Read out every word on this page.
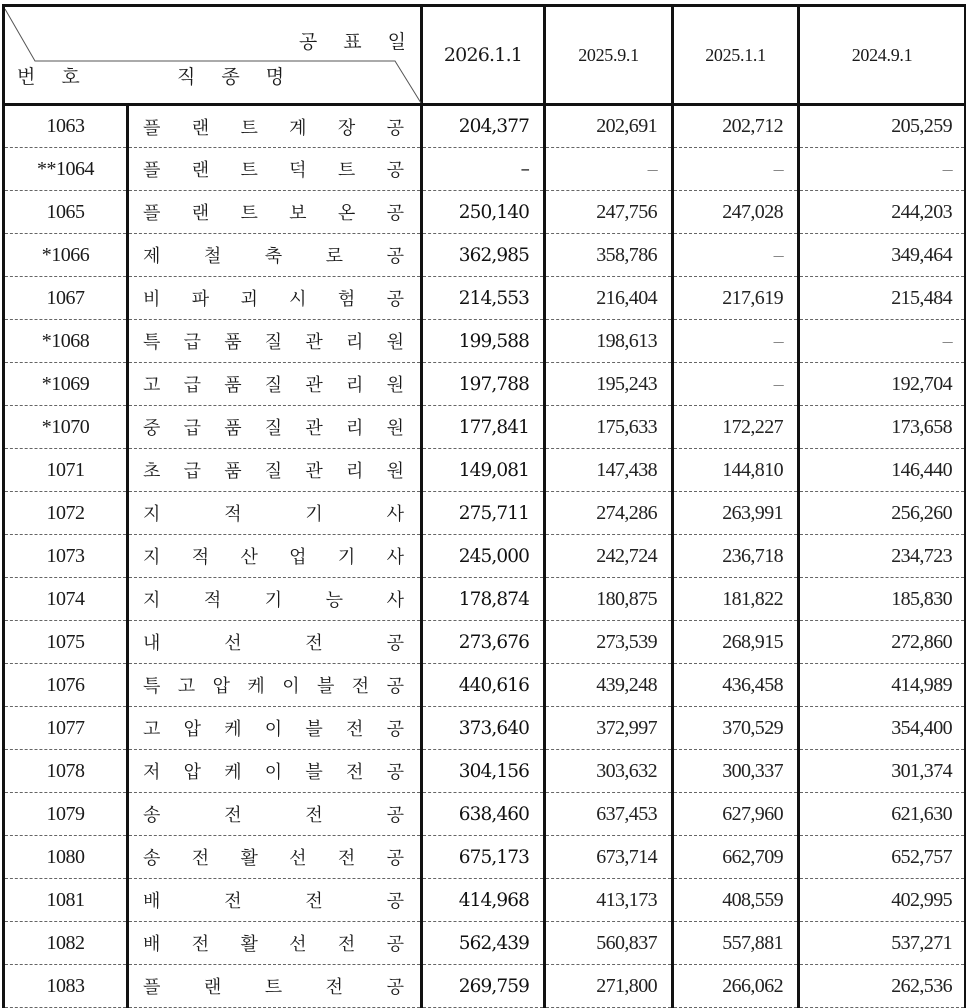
공 표 일
번 호 직 종 명		2026.1.1	2025.9.1	2025.1.1	2024.9.1
1063	플 랜 트 계 장 공	204,377	202,691	202,712	205,259
**1064	플 랜 트 덕 트 공	–	–	–	–
1065	플 랜 트 보 온 공	250,140	247,756	247,028	244,203
*1066	제 철 축 로 공	362,985	358,786	–	349,464
1067	비 파 괴 시 험 공	214,553	216,404	217,619	215,484
*1068	특 급 품 질 관 리 원	199,588	198,613	–	–
*1069	고 급 품 질 관 리 원	197,788	195,243	–	192,704
*1070	중 급 품 질 관 리 원	177,841	175,633	172,227	173,658
1071	초 급 품 질 관 리 원	149,081	147,438	144,810	146,440
1072	지 적 기 사	275,711	274,286	263,991	256,260
1073	지 적 산 업 기 사	245,000	242,724	236,718	234,723
1074	지 적 기 능 사	178,874	180,875	181,822	185,830
1075	내 선 전 공	273,676	273,539	268,915	272,860
1076	특 고 압 케 이 블 전 공	440,616	439,248	436,458	414,989
1077	고 압 케 이 블 전 공	373,640	372,997	370,529	354,400
1078	저 압 케 이 블 전 공	304,156	303,632	300,337	301,374
1079	송 전 전 공	638,460	637,453	627,960	621,630
1080	송 전 활 선 전 공	675,173	673,714	662,709	652,757
1081	배 전 전 공	414,968	413,173	408,559	402,995
1082	배 전 활 선 전 공	562,439	560,837	557,881	537,271
1083	플 랜 트 전 공	269,759	271,800	266,062	262,536
